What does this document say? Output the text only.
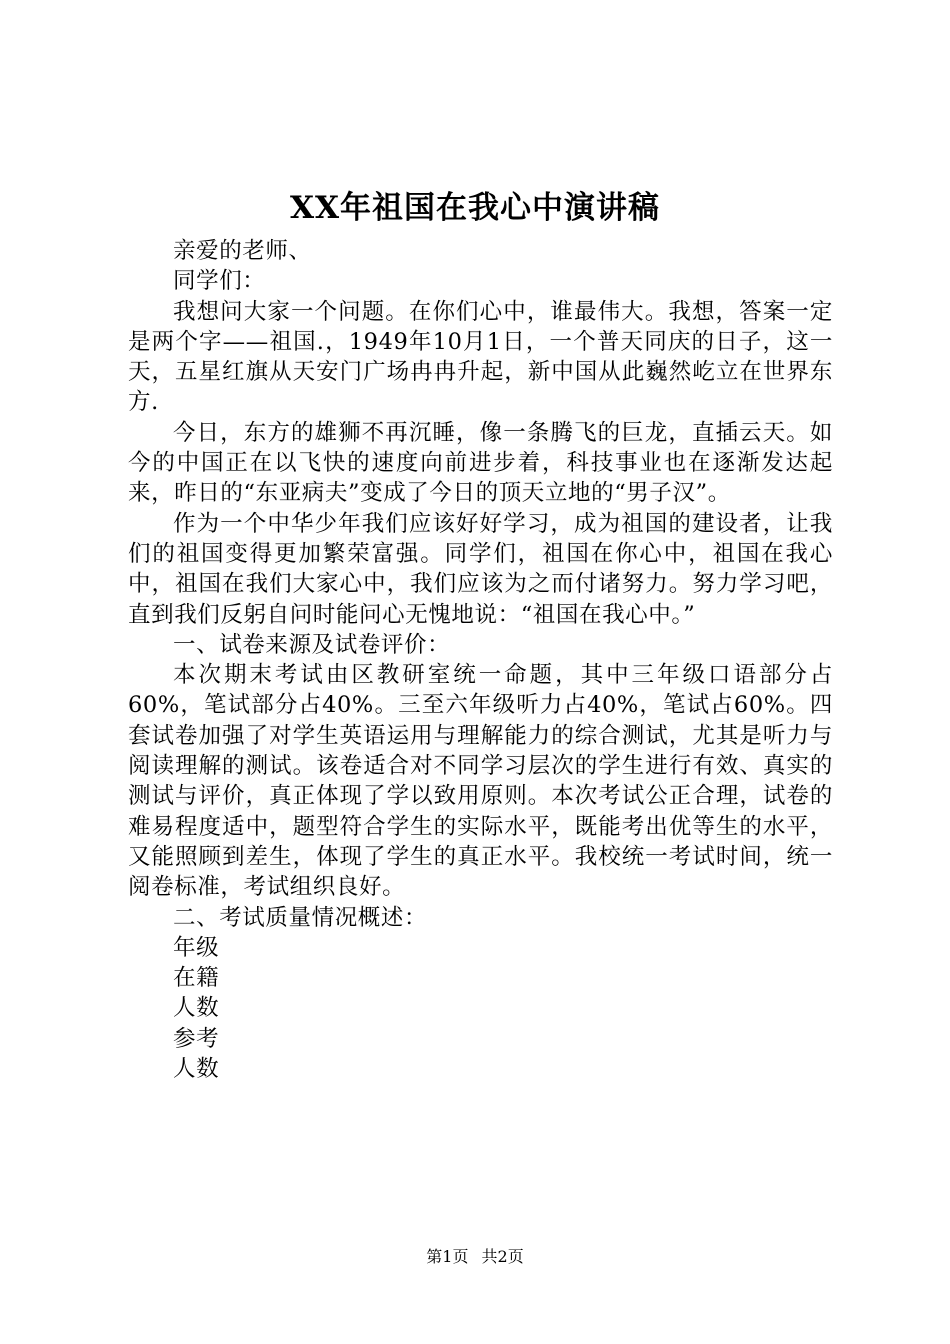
XX年祖国在我心中演讲稿

亲爱的老师、

同学们：

我想问大家一个问题。在你们心中，谁最伟大。我想，答案一定是两个字——祖国.，1949年10月1日，一个普天同庆的日子，这一天，五星红旗从天安门广场冉冉升起，新中国从此巍然屹立在世界东方.

今日，东方的雄狮不再沉睡，像一条腾飞的巨龙，直插云天。如今的中国正在以飞快的速度向前进步着，科技事业也在逐渐发达起来，昨日的“东亚病夫”变成了今日的顶天立地的“男子汉”。

作为一个中华少年我们应该好好学习，成为祖国的建设者，让我们的祖国变得更加繁荣富强。同学们，祖国在你心中，祖国在我心中，祖国在我们大家心中，我们应该为之而付诸努力。努力学习吧，直到我们反躬自问时能问心无愧地说：“祖国在我心中。”

一、试卷来源及试卷评价：

本次期末考试由区教研室统一命题，其中三年级口语部分占60%，笔试部分占40%。三至六年级听力占40%，笔试占60%。四套试卷加强了对学生英语运用与理解能力的综合测试，尤其是听力与阅读理解的测试。该卷适合对不同学习层次的学生进行有效、真实的测试与评价，真正体现了学以致用原则。本次考试公正合理，试卷的难易程度适中，题型符合学生的实际水平，既能考出优等生的水平，又能照顾到差生，体现了学生的真正水平。我校统一考试时间，统一阅卷标准，考试组织良好。

二、考试质量情况概述：

年级

在籍

人数

参考

人数

第1页 共2页
